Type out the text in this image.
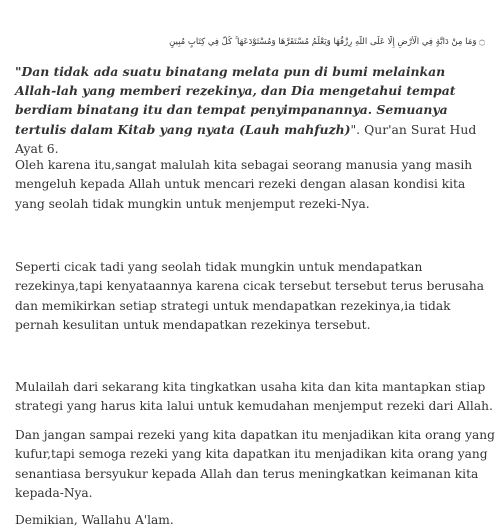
۝ وَمَا مِنْ دَابَّةٍ فِي الْأَرْضِ إِلَّا عَلَى اللَّهِ رِزْقُهَا وَيَعْلَمُ مُسْتَقَرَّهَا وَمُسْتَوْدَعَهَا ۚ كُلٌّ فِي كِتَابٍ مُبِينٍ

"Dan tidak ada suatu binatang melata pun di bumi melainkan Allah-lah yang memberi rezekinya, dan Dia mengetahui tempat berdiam binatang itu dan tempat penyimpanannya. Semuanya tertulis dalam Kitab yang nyata (Lauh mahfuzh)". Qur'an Surat Hud Ayat 6.

Oleh karena itu,sangat malulah kita sebagai seorang manusia yang masih mengeluh kepada Allah untuk mencari rezeki dengan alasan kondisi kita yang seolah tidak mungkin untuk menjemput rezeki-Nya.

Seperti cicak tadi yang seolah tidak mungkin untuk mendapatkan rezekinya,tapi kenyataannya karena cicak tersebut tersebut terus berusaha dan memikirkan setiap strategi untuk mendapatkan rezekinya,ia tidak pernah kesulitan untuk mendapatkan rezekinya tersebut.

Mulailah dari sekarang kita tingkatkan usaha kita dan kita mantapkan stiap strategi yang harus kita lalui untuk kemudahan menjemput rezeki dari Allah.

Dan jangan sampai rezeki yang kita dapatkan itu menjadikan kita orang yang kufur,tapi semoga rezeki yang kita dapatkan itu menjadikan kita orang yang senantiasa bersyukur kepada Allah dan terus meningkatkan keimanan kita kepada-Nya.

Demikian, Wallahu A'lam.
